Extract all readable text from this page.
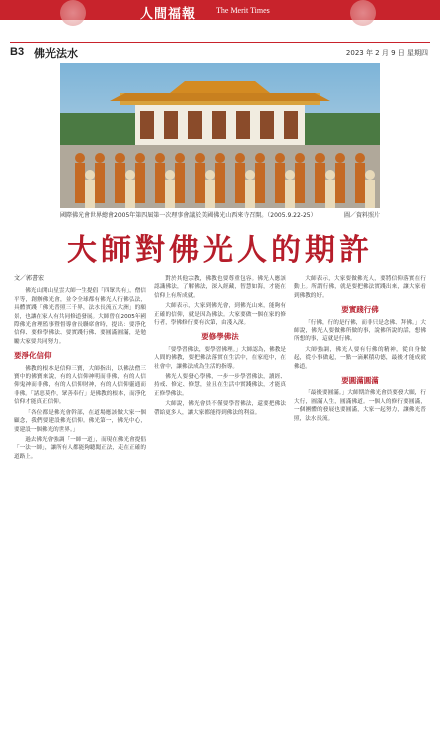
人間福報 The Merit Times
B3 佛光法水	2023 年 2 月 9 日 星期四
國際佛光會世界總會2005年第四屆第一次理事會議於美國佛光山西來寺召開。（2005.9.22-25）	圖／資料照片
大師對佛光人的期許
文／郭書宏

佛光山開山星雲大師一生提倡「四眾共有」，僧信平等，創辦佛光會，並令全球都有佛光人行佛弘法，具體實踐「佛光普照三千界，法水長流五大洲」的願景，也讓在家人有共同修道發展。大師曾在2005年國際佛光會理監事暨督導會長聯席會時，提出：要淨化信仰、要修學佛法、要實踐行佛、要圓滿圓滿，是勉勵大家要共同努力。

要淨化信仰

佛教的根本是信仰三寶，大師指出，以佛法僧三寶中的佛寶來說，有的人信仰神明而非佛，有的人信仰鬼神而非佛，有的人信仰財神，有的人信仰靈通而非佛。「諸惡莫作，眾善奉行」是佛教的根本，而淨化信仰才能真正信仰。

「各位都是佛光會幹部，在道場應該做大家一個顧念，我們要建設佛光信仰。佛光第一，佛光中心，要建設一個佛光的世界。」

過去佛光會強調「一師一道」，而現在佛光會提倡「一法一師」，讓所有人都能夠聽聞正法，走在正確的道路上。

對於其他宗教，佛教也要尊重包容。佛光人應該認識佛法，了解佛法，深入經藏，智慧如海，才能在信仰上有所成就。

大師表示，大家到佛光會，到佛光山來，能夠有正確的信仰，就是因為佛法。大家要做一個在家的修行者，學佛修行要有次第，由淺入深。

要修學佛法

「要學習佛法，要學習佛理。」大師認為，佛教是人間的佛教，要把佛法落實在生活中，在家庭中，在社會中，讓佛法成為生活的指導。

佛光人要發心學佛，一步一步學習佛法，讀經、持戒、修定、修慧，並且在生活中實踐佛法，才能真正修學佛法。

大師說，佛光會員不僅要學習佛法，還要把佛法帶給更多人，讓大家都能得到佛法的利益。

大師表示，大家要做佛光人，要將信仰落實在行動上。所謂行佛，就是要把佛法實踐出來，讓大家看到佛教的好。

要實踐行佛

「行佛，行的是行佛，而非只是念佛、拜佛。」大師說，佛光人要做佛所做的事，說佛所說的話，想佛所想的事，這就是行佛。

大師強調，佛光人要有行佛的精神，從自身做起，從小事做起，一點一滴累積功德，最後才能成就佛道。

要圓滿圓滿

「最後要圓滿。」大師期許佛光會員要發大願，行大行，圓滿人生，圓滿佛道。一個人的修行要圓滿，一個團體的發展也要圓滿，大家一起努力，讓佛光普照，法水長流。
